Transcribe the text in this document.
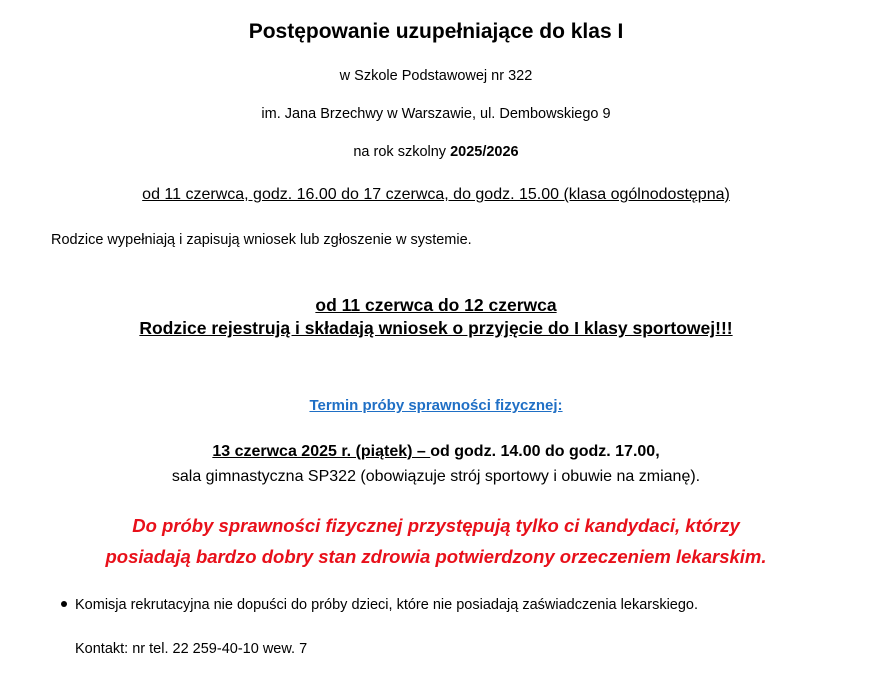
Postępowanie uzupełniające do klas I
w Szkole Podstawowej nr 322
im. Jana Brzechwy w Warszawie, ul. Dembowskiego 9
na rok szkolny 2025/2026
od 11 czerwca, godz. 16.00 do 17 czerwca, do godz. 15.00 (klasa ogólnodostępna)
Rodzice wypełniają i zapisują wniosek lub zgłoszenie w systemie.
od 11 czerwca do 12 czerwca
Rodzice rejestrują i składają wniosek o przyjęcie do I klasy sportowej!!!
Termin próby sprawności fizycznej:
13 czerwca 2025 r. (piątek) – od godz. 14.00 do godz. 17.00,
sala gimnastyczna SP322 (obowiązuje strój sportowy i obuwie na zmianę).
Do próby sprawności fizycznej przystępują tylko ci kandydaci, którzy
posiadają bardzo dobry stan zdrowia potwierdzony orzeczeniem lekarskim.
Komisja rekrutacyjna nie dopuści do próby dzieci, które nie posiadają zaświadczenia lekarskiego.
Kontakt: nr tel. 22 259-40-10 wew. 7
